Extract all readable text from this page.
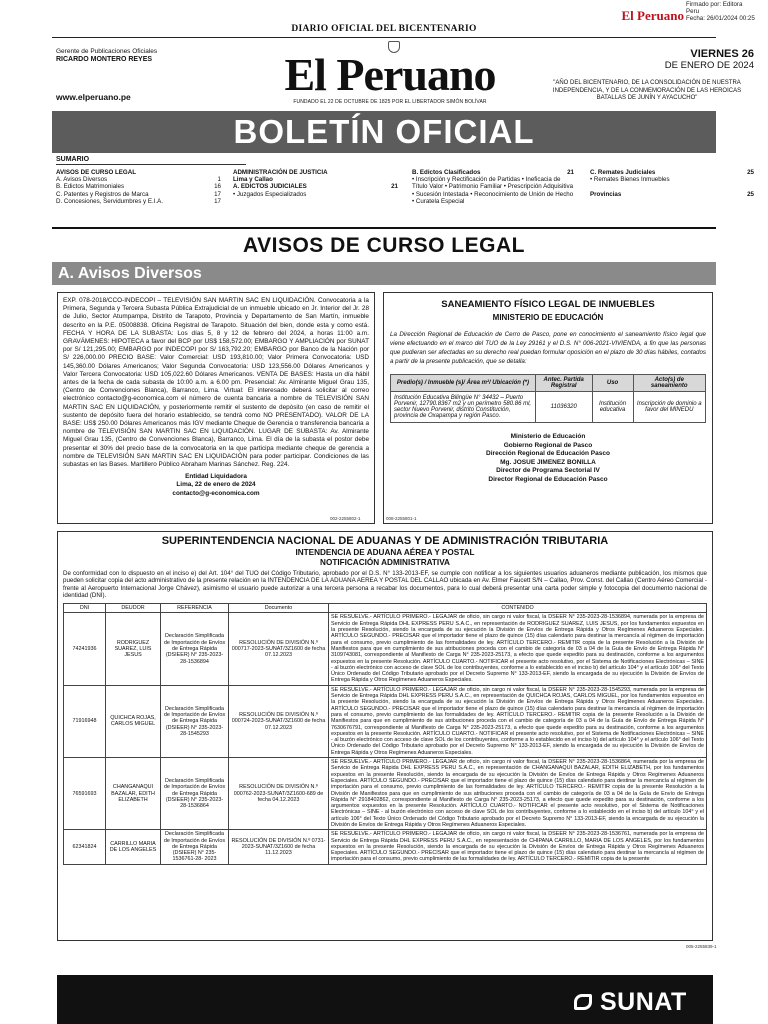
El Peruano
Firmado por: Editora
Peru
Fecha: 26/01/2024 00:25
DIARIO OFICIAL DEL BICENTENARIO
Gerente de Publicaciones Oficiales
RICARDO MONTERO REYES
www.elperuano.pe	El Peruano
FUNDADO EL 22 DE OCTUBRE DE 1825 POR EL LIBERTADOR SIMÓN BOLÍVAR
VIERNES 26
DE ENERO DE 2024
"AÑO DEL BICENTENARIO, DE LA CONSOLIDACIÓN DE NUESTRA INDEPENDENCIA, Y DE LA CONMEMORACIÓN DE LAS HEROICAS BATALLAS DE JUNÍN Y AYACUCHO"
BOLETÍN OFICIAL
SUMARIO
AVISOS DE CURSO LEGAL
A. Avisos Diversos	1
B. Edictos Matrimoniales	16
C. Patentes y Registros de Marca	17
D. Concesiones, Servidumbres y E.I.A.	17
ADMINISTRACIÓN DE JUSTICIA
Lima y Callao
A. EDICTOS JUDICIALES	21
• Juzgados Especializados
B. Edictos Clasificados	21
• Inscripción y Rectificación de Partidas • Ineficacia de Título Valor • Patrimonio Familiar • Prescripción Adquisitiva • Sucesión Intestada • Reconocimiento de Unión de Hecho • Curatela Especial
C. Remates Judiciales	25
• Remates Bienes Inmuebles
Provincias	25
AVISOS DE CURSO LEGAL
A. Avisos Diversos
EXP. 078-2018/CCO-INDECOPI – TELEVISIÓN SAN MARTIN SAC EN LIQUIDACIÓN. Convocatoria a la Primera, Segunda y Tercera Subasta Pública Extrajudicial de un inmueble ubicado en Jr. Interior del Jr. 28 de Julio, Sector Atumpampa, Distrito de Tarapoto, Provincia y Departamento de San Martín, inmueble descrito en la P.E. 05008838. Oficina Registral de Tarapoto. Situación del bien, donde esta y como está. FECHA Y HORA DE LA SUBASTA: Los días 5, 8 y 12 de febrero del 2024, a horas 11:00 a.m. GRAVÁMENES: HIPOTECA a favor del BCP por US$ 158,572.00; EMBARGO Y AMPLIACIÓN por SUNAT por S/ 121,295.00; EMBARGO por INDECOPI por S/ 163,792.20; EMBARGO por Banco de la Nación por S/ 226,000.00 PRECIO BASE: Valor Comercial: USD 193,810.00; Valor Primera Convocatoria: USD 145,360.00 Dólares Americanos; Valor Segunda Convocatoria: USD 123,556.00 Dólares Americanos y Valor Tercera Convocatoria: USD 105,022.60 Dólares Americanos. VENTA DE BASES: Hasta un día hábil antes de la fecha de cada subasta de 10:00 a.m. a 6.00 pm. Presencial: Av. Almirante Miguel Grau 135, (Centro de Convenciones Blanca), Barranco, Lima. Virtual: El interesado deberá solicitar al correo electrónico contacto@g-economica.com el número de cuenta bancaria a nombre de TELEVISIÓN SAN MARTIN SAC EN LIQUIDACIÓN, y posteriormente remitir el sustento de depósito (en caso de remitir el sustento de depósito fuera del horario establecido, se tendrá como NO PRESENTADO). VALOR DE LA BASE: US$ 250.00 Dólares Americanos más IGV mediante Cheque de Gerencia o transferencia bancaria a nombre de TELEVISIÓN SAN MARTIN SAC EN LIQUIDACIÓN. LUGAR DE SUBASTA: Av. Almirante Miguel Grau 135, (Centro de Convenciones Blanca), Barranco, Lima. El día de la subasta el postor debe presentar el 30% del precio base de la convocatoria en la que participa mediante cheque de gerencia a nombre de TELEVISIÓN SAN MARTIN SAC EN LIQUIDACIÓN para poder participar. Condiciones de las subastas en las Bases. Martillero Público Abraham Marinas Sánchez. Reg. 224.
Entidad Liquidadora
Lima, 22 de enero de 2024
contacto@g-economica.com
002-2255802-1
SANEAMIENTO FÍSICO LEGAL DE INMUEBLES
MINISTERIO DE EDUCACIÓN
La Dirección Regional de Educación de Cerro de Pasco, pone en conocimiento el saneamiento físico legal que viene efectuando en el marco del TUO de la Ley 29161 y el D.S. N° 006-2021-VIVIENDA, a fin que las personas que pudieran ser afectadas en su derecho real puedan formular oposición en el plazo de 30 días hábiles, contados a partir de la presente publicación, que se detalla:
Predio(s) / Inmueble (s)/ Área m²/ Ubicación (*)	Antec. Partida Registral	Uso	Acto(s) de saneamiento
Institución Educativa Bilingüe N° 34432 – Puerto Porvenir, 12790.8367 m2 y un perímetro 580.86 ml, sector Nuevo Porvenir, distrito Constitución, provincia de Oxapampa y región Pasco.	11036320	Institución educativa	Inscripción de dominio a favor del MINEDU
Ministerio de Educación
Gobierno Regional de Pasco
Dirección Regional de Educación Pasco
Mg. JOSUE JIMENEZ BONILLA
Director de Programa Sectorial IV
Director Regional de Educación Pasco
008-2255801-1
SUPERINTENDENCIA NACIONAL DE ADUANAS Y DE ADMINISTRACIÓN TRIBUTARIA
INTENDENCIA DE ADUANA AÉREA Y POSTAL
NOTIFICACIÓN ADMINISTRATIVA
De conformidad con lo dispuesto en el inciso e) del Art. 104° del TUO del Código Tributario, aprobado por el D.S. N° 133-2013-EF, se cumple con notificar a los siguientes usuarios aduaneros mediante publicación, los mismos que pueden solicitar copia del acto administrativo de la presente relación en la INTENDENCIA DE LA ADUANA AEREA Y POSTAL DEL CALLAO ubicada en Av. Elmer Faucett S/N – Callao, Prov. Const. del Callao (Centro Aéreo Comercial - frente al Aeropuerto Internacional Jorge Chávez), asimismo el usuario puede autorizar a una tercera persona a recabar los documentos, para lo cual deberá presentar una carta poder simple y fotocopia del documento nacional de identidad (DNI).
DNI	DEUDOR	REFERENCIA	Documento	CONTENIDO
74241936	RODRIGUEZ SUAREZ, LUIS JESUS	Declaración Simplificada de Importación de Envíos de Entrega Rápida (DSIEER) N° 235-2023-28-1536894	RESOLUCIÓN DE DIVISIÓN N.º 000717-2023-SUNAT/3Z1600 de fecha 07.12.2023	SE RESUELVE.- ARTÍCULO PRIMERO.- LEGAJAR de oficio, sin cargo ni valor fiscal, la DSEER N° 235-2023-28-1536894, numerada por la empresa de Servicio de Entrega Rápida DHL EXPRESS PERU S.A.C., en representación de RODRIGUEZ SUAREZ, LUIS JESUS, por los fundamentos expuestos en la presente Resolución, siendo la encargada de su ejecución la División de Envíos de Entrega Rápida y Otros Regímenes Aduaneros Especiales. ARTÍCULO SEGUNDO.- PRECISAR que el importador tiene el plazo de quince (15) días calendario para destinar la mercancía al régimen de importación para el consumo, previo cumplimiento de las formalidades de ley. ARTÍCULO TERCERO.- REMITIR copia de la presente Resolución a la División de Manifiestos para que en cumplimiento de sus atribuciones proceda con el cambio de categoría de 03 a 04 de la Guía de Envío de Entrega Rápida N° 3109743081, correspondiente al Manifiesto de Carga N° 235-2023-25173, a efecto que quede expedito para su destinación, conforme a los argumentos expuestos en la presente Resolución. ARTÍCULO CUARTO.- NOTIFICAR el presente acto resolutivo, por el Sistema de Notificaciones Electrónicas – SINE - al buzón electrónico con acceso de clave SOL de los contribuyentes, conforme a lo establecido en el inciso b) del artículo 104° y el artículo 106° del Texto Único Ordenado del Código Tributario aprobado por el Decreto Supremo N° 133-2013-EF, siendo la encargada de su ejecución la División de Envíos de Entrega Rápida y Otros Regímenes Aduaneros Especiales.
71916948	QUICHCA ROJAS, CARLOS MIGUEL	Declaración Simplificada de Importación de Envíos de Entrega Rápida (DSIEER) N° 235-2023-28-1545293	RESOLUCIÓN DE DIVISIÓN N.º 000724-2023-SUNAT/3Z1600 de fecha 07.12.2023	SE RESUELVE.- ARTÍCULO PRIMERO.- LEGAJAR de oficio, sin cargo ni valor fiscal, la DSEER N° 235-2023-28-1545293, numerada por la empresa de Servicio de Entrega Rápida DHL EXPRESS PERU S.A.C., en representación de QUICHCA ROJAS, CARLOS MIGUEL, por los fundamentos expuestos en la presente Resolución, siendo la encargada de su ejecución la División de Envíos de Entrega Rápida y Otros Regímenes Aduaneros Especiales. ARTÍCULO SEGUNDO.- PRECISAR que el importador tiene el plazo de quince (15) días calendario para destinar la mercancía al régimen de importación para el consumo, previo cumplimiento de las formalidades de ley. ARTÍCULO TERCERO.- REMITIR copia de la presente Resolución a la División de Manifiestos para que en cumplimiento de sus atribuciones proceda con el cambio de categoría de 03 a 04 de la Guía de Envío de Entrega Rápida N° 7630676791, correspondiente al Manifiesto de Carga N° 235-2023-25173, a efecto que quede expedito para su destinación, conforme a los argumentos expuestos en la presente Resolución. ARTÍCULO CUARTO.- NOTIFICAR el presente acto resolutivo, por el Sistema de Notificaciones Electrónicas – SINE - al buzón electrónico con acceso de clave SOL de los contribuyentes, conforme a lo establecido en el inciso b) del artículo 104° y el artículo 106° del Texto Único Ordenado del Código Tributario aprobado por el Decreto Supremo N° 133-2013-EF, siendo la encargada de su ejecución la División de Envíos de Entrega Rápida y Otros Regímenes Aduaneros Especiales.
76591693	CHANGANAQUI BAZALAR, EDITH ELIZABETH	Declaración Simplificada de Importación de Envíos de Entrega Rápida (DSIEER) N° 235-2023-28-1536864	RESOLUCIÓN DE DIVISIÓN N.º 000762-2023-SUNAT/3Z1600-689 de fecha 04.12.2023	SE RESUELVE.- ARTÍCULO PRIMERO.- LEGAJAR de oficio, sin cargo ni valor fiscal, la DSEER N° 235-2023-28-1536864, numerada por la empresa de Servicio de Entrega Rápida DHL EXPRESS PERU S.A.C., en representación de CHANGANAQUI BAZALAR, EDITH ELIZABETH, por los fundamentos expuestos en la presente Resolución, siendo la encargada de su ejecución la División de Envíos de Entrega Rápida y Otros Regímenes Aduaneros Especiales. ARTÍCULO SEGUNDO.- PRECISAR que el importador tiene el plazo de quince (15) días calendario para destinar la mercancía al régimen de importación para el consumo, previo cumplimiento de las formalidades de ley. ARTÍCULO TERCERO.- REMITIR copia de la presente Resolución a la División de Manifiestos para que en cumplimiento de sus atribuciones proceda con el cambio de categoría de 03 a 04 de la Guía de Envío de Entrega Rápida N° 2918402862, correspondiente al Manifiesto de Carga N° 235-2023-25173, a efecto que quede expedito para su destinación, conforme a los argumentos expuestos en la presente Resolución. ARTÍCULO CUARTO.- NOTIFICAR el presente acto resolutivo, por el Sistema de Notificaciones Electrónicas – SINE - al buzón electrónico con acceso de clave SOL de los contribuyentes, conforme a lo establecido en el inciso b) del artículo 104° y el artículo 106° del Texto Único Ordenado del Código Tributario aprobado por el Decreto Supremo N° 133-2013-EF, siendo la encargada de su ejecución la División de Envíos de Entrega Rápida y Otros Regímenes Aduaneros Especiales.
62341824	CARRILLO MARIA DE LOS ANGELES	Declaración Simplificada de Importación de Envíos de Entrega Rápida (DSIEER) N° 235-1536761-28- 2023	RESOLUCIÓN DE DIVISIÓN N.º 0731-2023-SUNAT/3Z1600 de fecha 11.12.2023	SE RESUELVE.- ARTÍCULO PRIMERO.- LEGAJAR de oficio, sin cargo ni valor fiscal, la DSEER N° 235-2023-28-1536761, numerada por la empresa de Servicio de Entrega Rápida DHL EXPRESS PERU S.A.C., en representación de CHIPANA CARRILLO, MARIA DE LOS ANGELES, por los fundamentos expuestos en la presente Resolución, siendo la encargada de su ejecución la División de Envíos de Entrega Rápida y Otros Regímenes Aduaneros Especiales. ARTÍCULO SEGUNDO.- PRECISAR que el importador tiene el plazo de quince (15) días calendario para destinar la mercancía al régimen de importación para el consumo, previo cumplimiento de las formalidades de ley. ARTÍCULO TERCERO.- REMITIR copia de la presente
005-2255839-1
SUNAT
